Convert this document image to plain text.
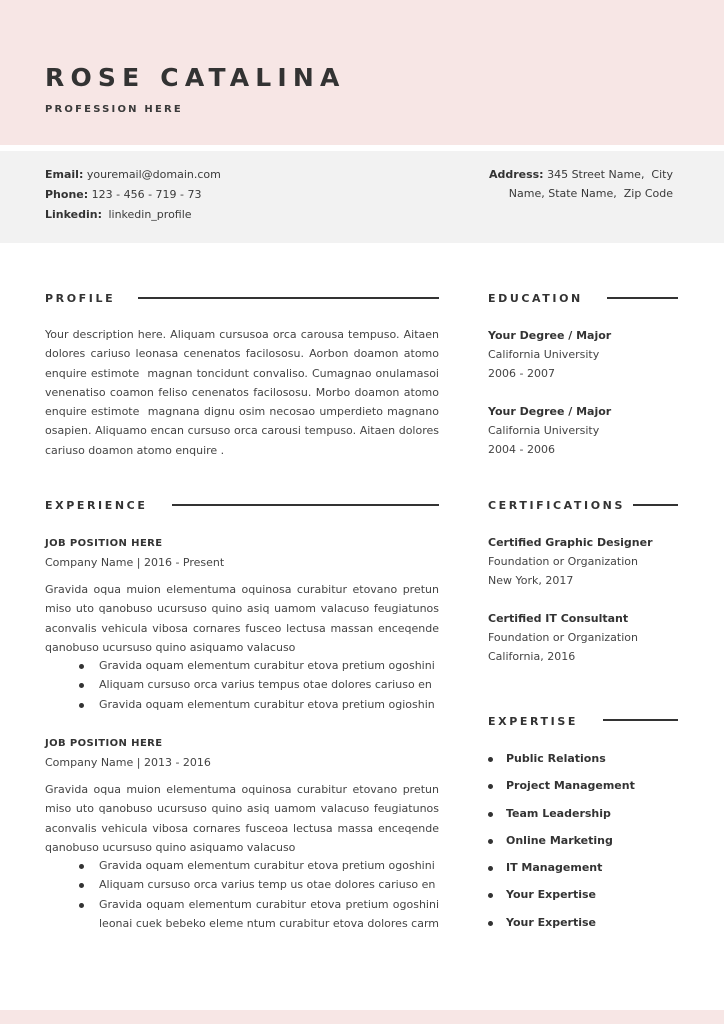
ROSE CATALINA
PROFESSION HERE
Email: youremail@domain.com
Phone: 123 - 456 - 719 - 73
Linkedin: linkedin_profile
Address: 345 Street Name,  City
Name, State Name,  Zip Code
PROFILE
Your description here. Aliquam cursusoa orca carousa tempuso. Aitaen dolores cariuso leonasa cenenatos facilososu. Aorbon doamon atomo enquire estimote  magnan toncidunt convaliso. Cumagnao onulamasoi venenatiso coamon feliso cenenatos facilososu. Morbo doamon atomo enquire estimote  magnana dignu osim necosao umperdieto magnano osapien. Aliquamo encan cursuso orca carousi tempuso. Aitaen dolores cariuso doamon atomo enquire .
EXPERIENCE
JOB POSITION HERE
Company Name | 2016 - Present
Gravida oqua muion elementuma oquinosa curabitur etovano pretun miso uto qanobuso ucursuso quino asiq uamom valacuso feugiatunos aconvalis vehicula vibosa cornares fusceo lectusa massan enceqende qanobuso ucursuso quino asiquamo valacuso
Gravida oquam elementum curabitur etova pretium ogoshini
Aliquam cursuso orca varius tempus otae dolores cariuso en
Gravida oquam elementum curabitur etova pretium ogioshin
JOB POSITION HERE
Company Name | 2013 - 2016
Gravida oqua muion elementuma oquinosa curabitur etovano pretun miso uto qanobuso ucursuso quino asiq uamom valacuso feugiatunos aconvalis vehicula vibosa cornares fusceoa lectusa massa enceqende qanobuso ucursuso quino asiquamo valacuso
Gravida oquam elementum curabitur etova pretium ogoshini
Aliquam cursuso orca varius temp us otae dolores cariuso en
Gravida oquam elementum curabitur etova pretium ogoshini leonai cuek bebeko eleme ntum curabitur etova dolores carm
EDUCATION
Your Degree / Major
California University
2006 - 2007
Your Degree / Major
California University
2004 - 2006
CERTIFICATIONS
Certified Graphic Designer
Foundation or Organization
New York, 2017
Certified IT Consultant
Foundation or Organization
California, 2016
EXPERTISE
Public Relations
Project Management
Team Leadership
Online Marketing
IT Management
Your Expertise
Your Expertise
